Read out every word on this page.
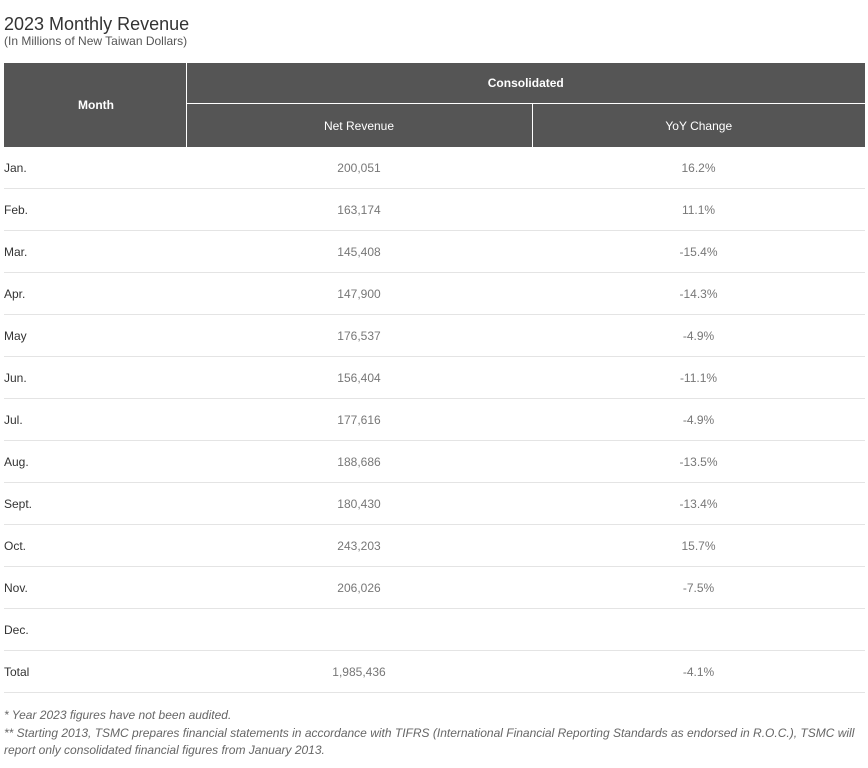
2023 Monthly Revenue
(In Millions of New Taiwan Dollars)
Month	Consolidated	
	Net Revenue	YoY Change
Jan.	200,051	16.2%
Feb.	163,174	11.1%
Mar.	145,408	-15.4%
Apr.	147,900	-14.3%
May	176,537	-4.9%
Jun.	156,404	-11.1%
Jul.	177,616	-4.9%
Aug.	188,686	-13.5%
Sept.	180,430	-13.4%
Oct.	243,203	15.7%
Nov.	206,026	-7.5%
Dec.		
Total	1,985,436	-4.1%
* Year 2023 figures have not been audited.
** Starting 2013, TSMC prepares financial statements in accordance with TIFRS (International Financial Reporting Standards as endorsed in R.O.C.), TSMC will report only consolidated financial figures from January 2013.
